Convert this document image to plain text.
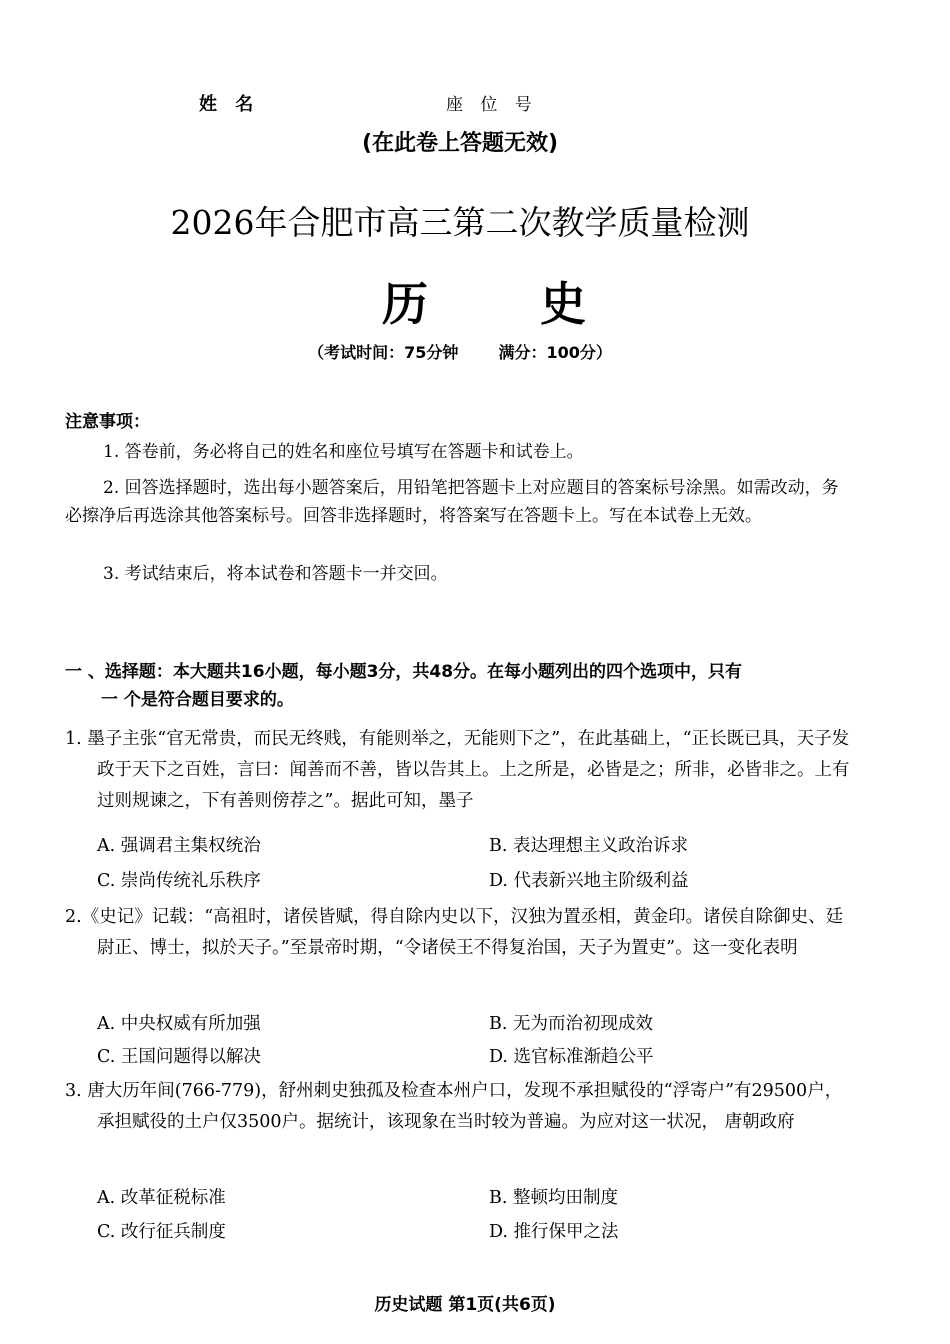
姓 名	座 位 号
(在此卷上答题无效)
2026年合肥市高三第二次教学质量检测
历 史
（考试时间：75分钟	满分：100分）
注意事项：
1. 答卷前，务必将自己的姓名和座位号填写在答题卡和试卷上。
2. 回答选择题时，选出每小题答案后，用铅笔把答题卡上对应题目的答案标号涂黑。如需改动，务必擦净后再选涂其他答案标号。回答非选择题时，将答案写在答题卡上。写在本试卷上无效。
3. 考试结束后，将本试卷和答题卡一并交回。
一 、选择题：本大题共16小题，每小题3分，共48分。在每小题列出的四个选项中，只有
一 个是符合题目要求的。
1. 墨子主张“官无常贵，而民无终贱，有能则举之，无能则下之”，在此基础上，“正长既已具，天子发政于天下之百姓，言曰：闻善而不善，皆以告其上。上之所是，必皆是之；所非，必皆非之。上有过则规谏之，下有善则傍荐之”。据此可知，墨子
A. 强调君主集权统治	B. 表达理想主义政治诉求
C. 崇尚传统礼乐秩序	D. 代表新兴地主阶级利益
2.《史记》记载：“高祖时，诸侯皆赋，得自除内史以下，汉独为置丞相，黄金印。诸侯自除御史、廷尉正、博士，拟於天子。”至景帝时期，“令诸侯王不得复治国，天子为置吏”。这一变化表明
A. 中央权威有所加强	B. 无为而治初现成效
C. 王国问题得以解决	D. 选官标准渐趋公平
3. 唐大历年间(766-779)，舒州刺史独孤及检查本州户口，发现不承担赋役的“浮寄户”有29500户，承担赋役的土户仅3500户。据统计，该现象在当时较为普遍。为应对这一状况， 唐朝政府
A. 改革征税标准	B. 整顿均田制度
C. 改行征兵制度	D. 推行保甲之法
历史试题 第1页(共6页)
